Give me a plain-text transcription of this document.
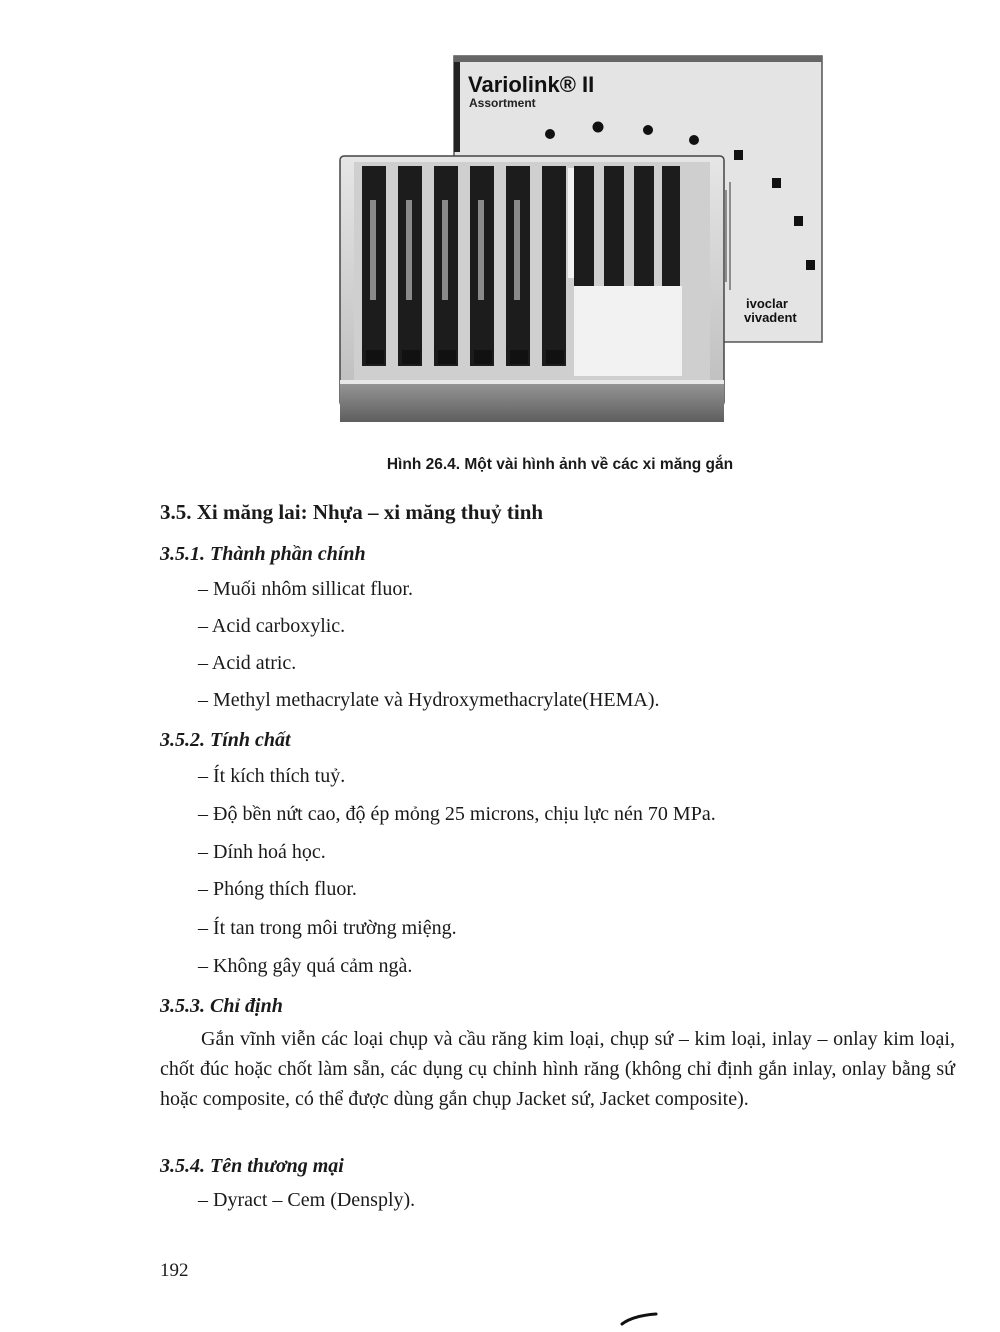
Variolink® II
Assortment
ivoclar
vivadent
Hình 26.4. Một vài hình ảnh về các xi măng gắn
3.5. Xi măng lai: Nhựa – xi măng thuỷ tinh
3.5.1. Thành phần chính
– Muối nhôm sillicat fluor.
– Acid carboxylic.
– Acid atric.
– Methyl methacrylate và Hydroxymethacrylate(HEMA).
3.5.2. Tính chất
– Ít kích thích tuỷ.
– Độ bền nứt cao, độ ép mỏng 25 microns, chịu lực nén 70 MPa.
– Dính hoá học.
– Phóng thích fluor.
– Ít tan trong môi trường miệng.
– Không gây quá cảm ngà.
3.5.3. Chỉ định
Gắn vĩnh viễn các loại chụp và cầu răng kim loại, chụp sứ – kim loại, inlay – onlay kim loại, chốt đúc hoặc chốt làm sẵn, các dụng cụ chỉnh hình răng (không chỉ định gắn inlay, onlay bằng sứ hoặc composite, có thể được dùng gắn chụp Jacket sứ, Jacket composite).
3.5.4. Tên thương mại
– Dyract – Cem (Densply).
192
